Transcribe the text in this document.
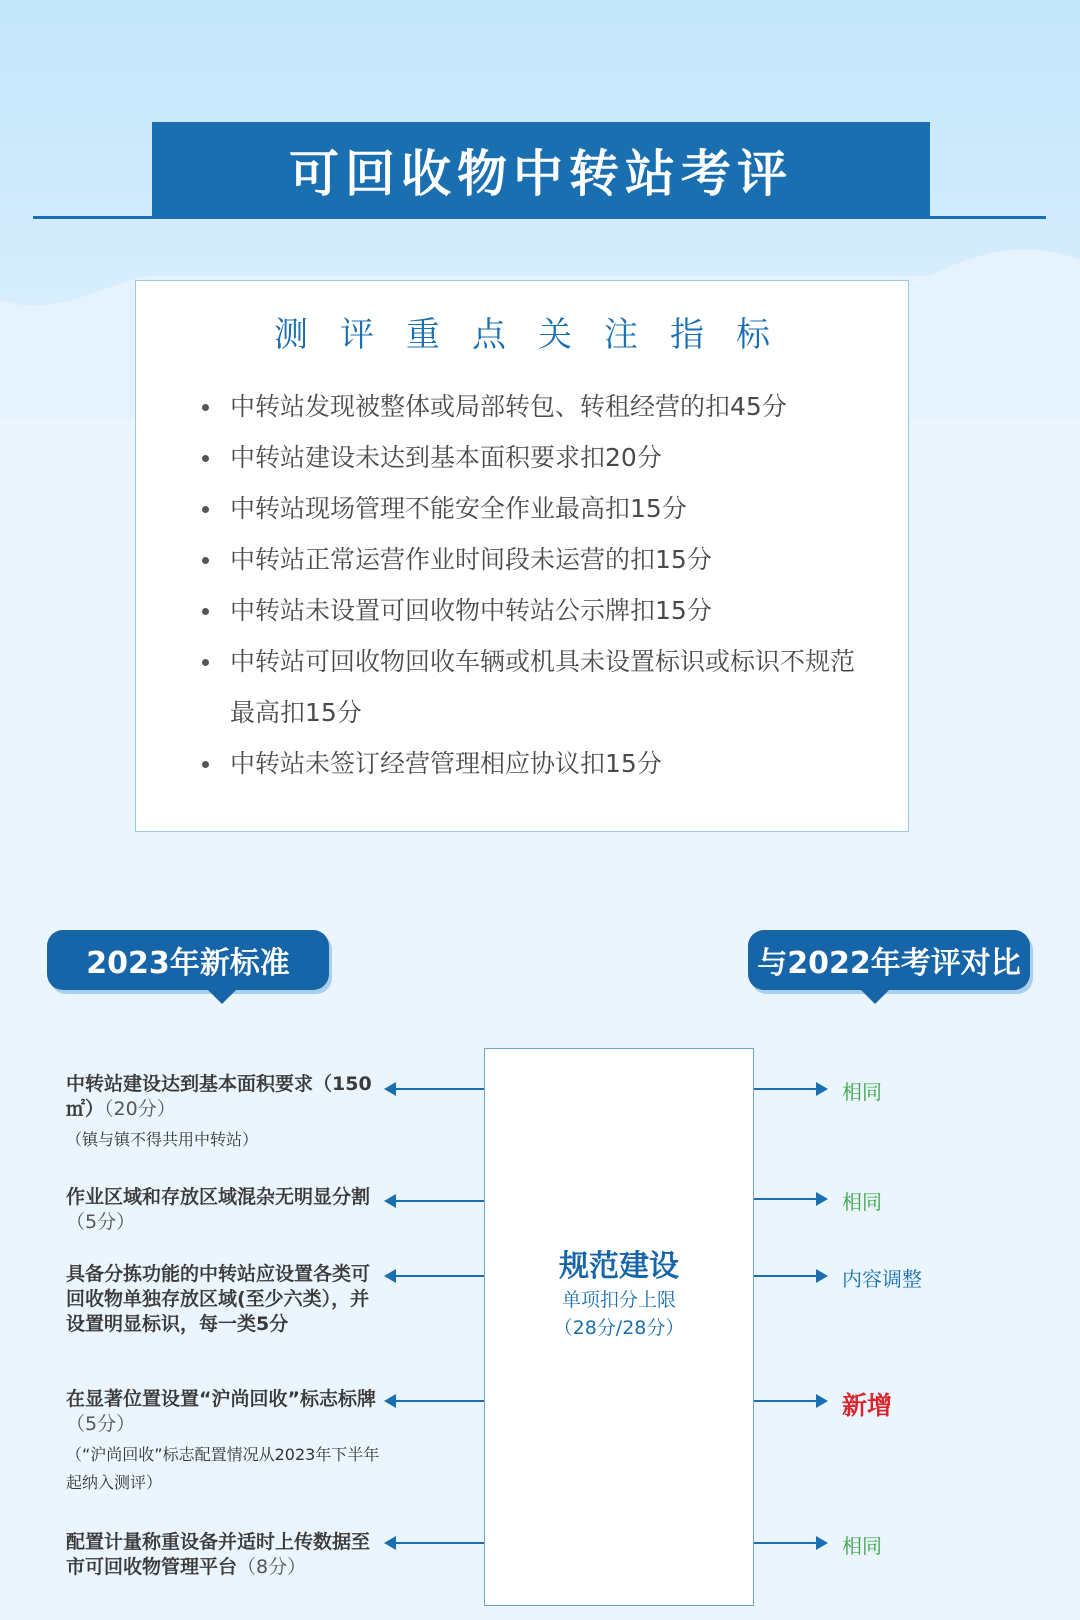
可回收物中转站考评
测评重点关注指标
中转站发现被整体或局部转包、转租经营的扣45分
中转站建设未达到基本面积要求扣20分
中转站现场管理不能安全作业最高扣15分
中转站正常运营作业时间段未运营的扣15分
中转站未设置可回收物中转站公示牌扣15分
中转站可回收物回收车辆或机具未设置标识或标识不规范最高扣15分
中转站未签订经营管理相应协议扣15分
2023年新标准	与2022年考评对比
规范建设
单项扣分上限
（28分/28分）
中转站建设达到基本面积要求（150㎡）（20分）
（镇与镇不得共用中转站）
作业区域和存放区域混杂无明显分割（5分）
具备分拣功能的中转站应设置各类可回收物单独存放区域(至少六类），并设置明显标识，每一类5分
在显著位置设置“沪尚回收”标志标牌（5分）
（“沪尚回收”标志配置情况从2023年下半年起纳入测评）
配置计量称重设备并适时上传数据至市可回收物管理平台（8分）
相同
相同
内容调整
新增
相同
